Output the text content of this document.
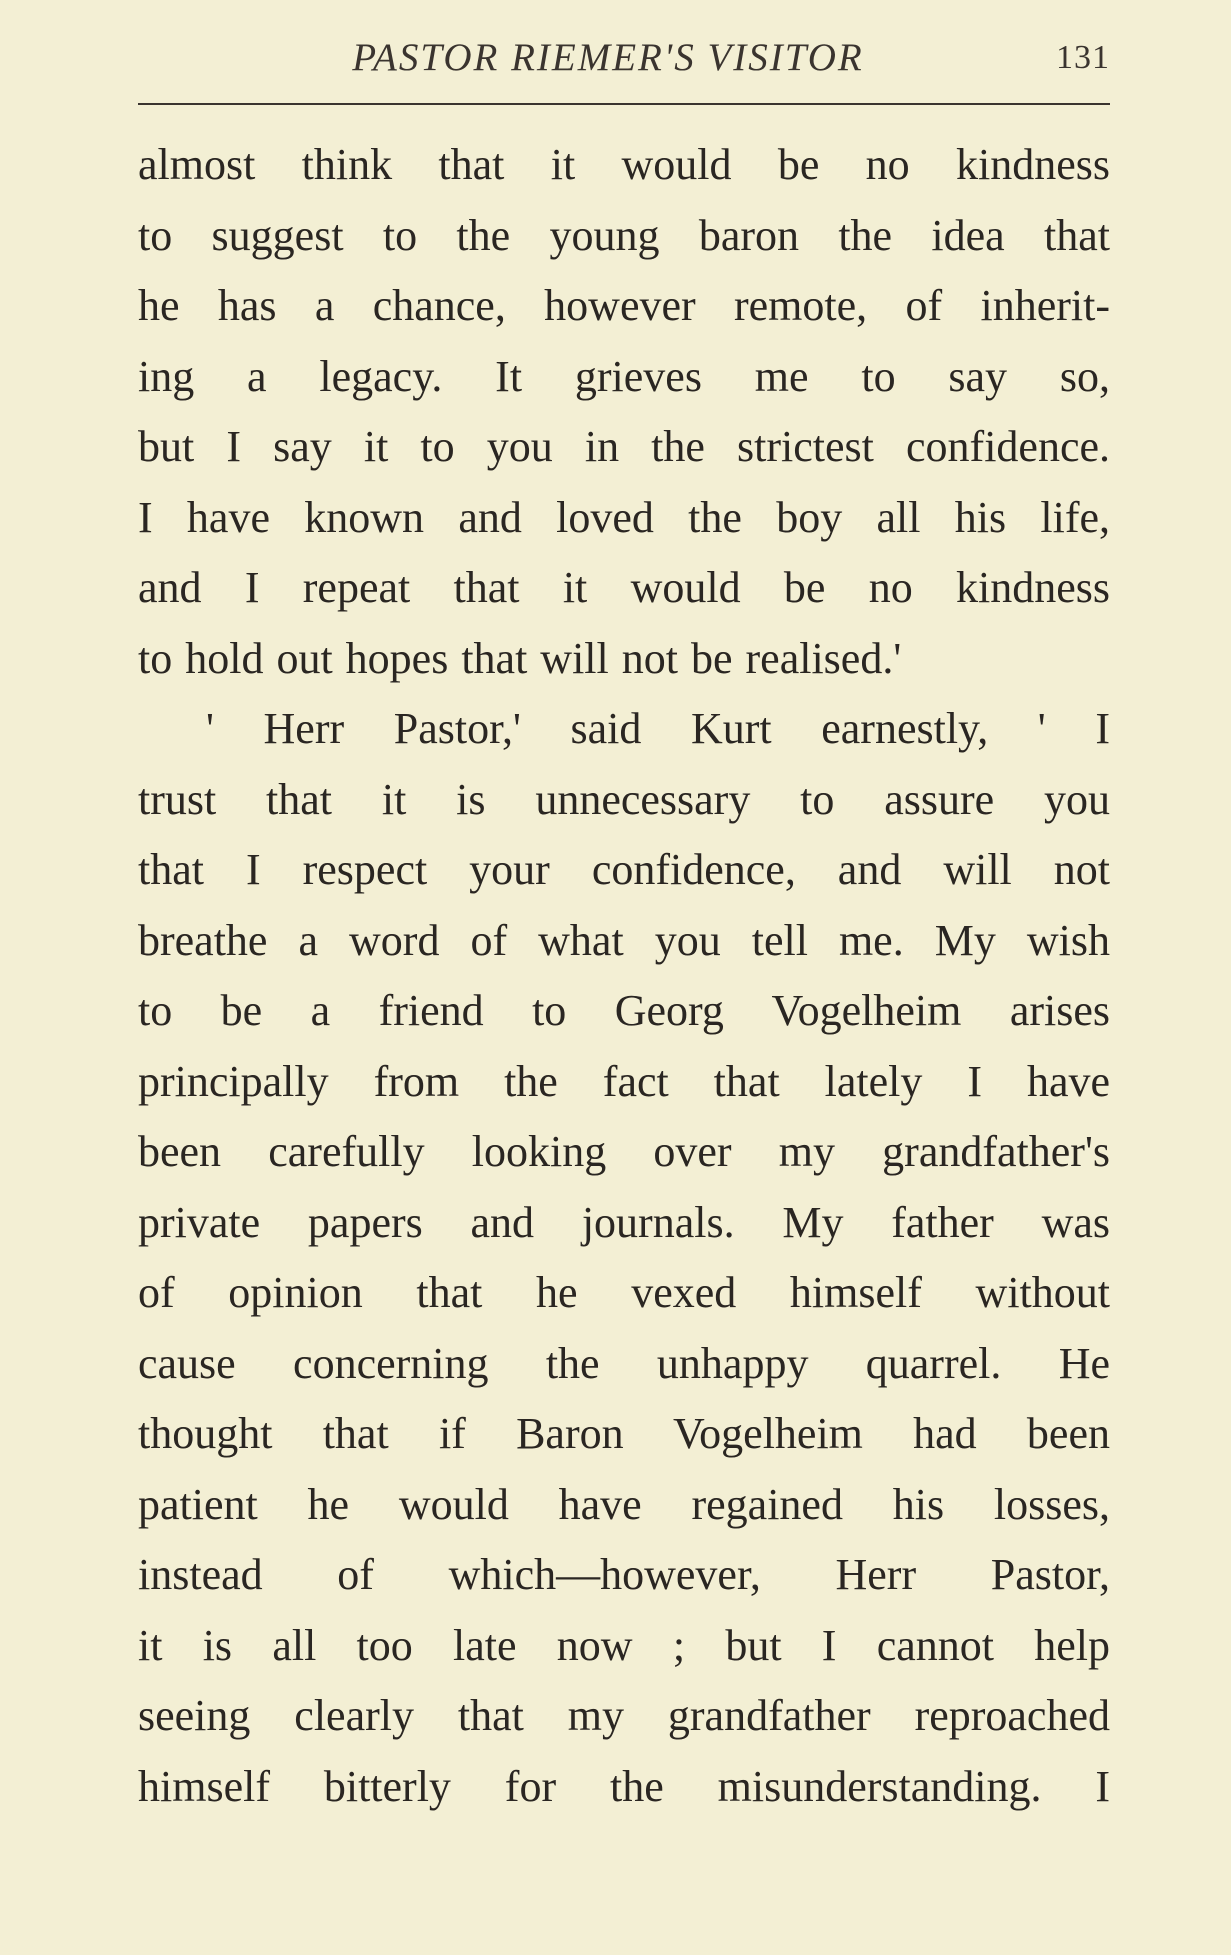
PASTOR RIEMER'S VISITOR	131
almost think that it would be no kindness
to suggest to the young baron the idea that
he has a chance, however remote, of inherit-
ing a legacy. It grieves me to say so,
but I say it to you in the strictest confidence.
I have known and loved the boy all his life,
and I repeat that it would be no kindness
to hold out hopes that will not be realised.'
' Herr Pastor,' said Kurt earnestly, ' I
trust that it is unnecessary to assure you
that I respect your confidence, and will not
breathe a word of what you tell me. My wish
to be a friend to Georg Vogelheim arises
principally from the fact that lately I have
been carefully looking over my grandfather's
private papers and journals. My father was
of opinion that he vexed himself without
cause concerning the unhappy quarrel. He
thought that if Baron Vogelheim had been
patient he would have regained his losses,
instead of which—however, Herr Pastor,
it is all too late now ; but I cannot help
seeing clearly that my grandfather reproached
himself bitterly for the misunderstanding. I
